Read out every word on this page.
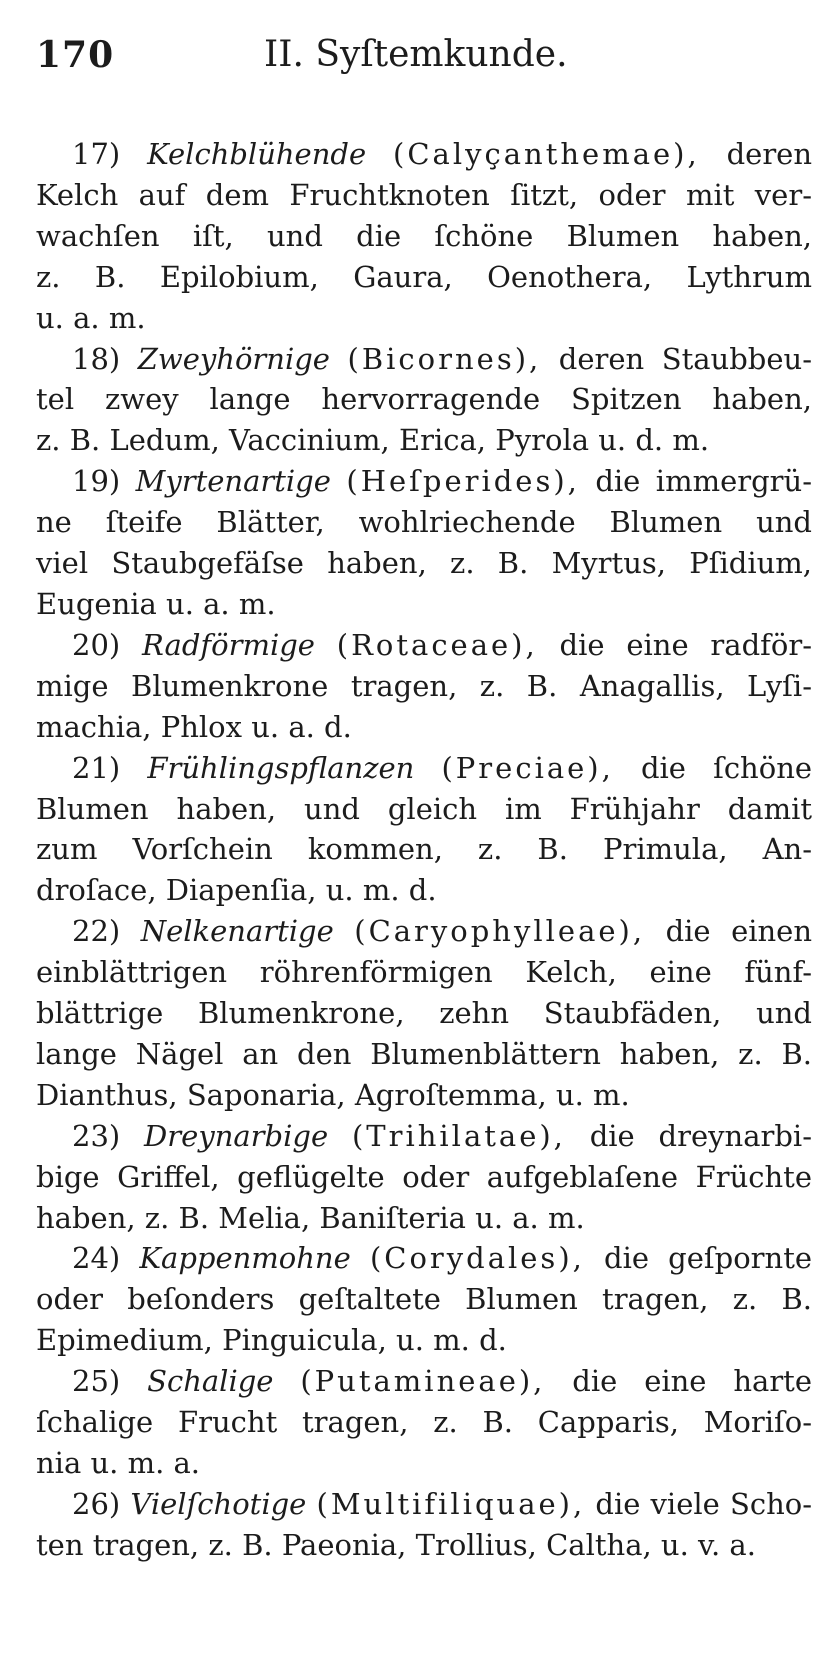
170	II. Syſtemkunde.
17) Kelchblühende (Calyçanthemae), deren
Kelch auf dem Fruchtknoten ſitzt, oder mit ver-
wachſen iſt, und die ſchöne Blumen haben,
z. B. Epilobium, Gaura, Oenothera, Lythrum
u. a. m.
18) Zweyhörnige (Bicornes), deren Staubbeu-
tel zwey lange hervorragende Spitzen haben,
z. B. Ledum, Vaccinium, Erica, Pyrola u. d. m.
19) Myrtenartige (Heſperides), die immergrü-
ne ſteife Blätter, wohlriechende Blumen und
viel Staubgefäſse haben, z. B. Myrtus, Pſidium,
Eugenia u. a. m.
20) Radförmige (Rotaceae), die eine radför-
mige Blumenkrone tragen, z. B. Anagallis, Lyſi-
machia, Phlox u. a. d.
21) Frühlingspflanzen (Preciae), die ſchöne
Blumen haben, und gleich im Frühjahr damit
zum Vorſchein kommen, z. B. Primula, An-
droſace, Diapenſia, u. m. d.
22) Nelkenartige (Caryophylleae), die einen
einblättrigen röhrenförmigen Kelch, eine fünf-
blättrige Blumenkrone, zehn Staubfäden, und
lange Nägel an den Blumenblättern haben, z. B.
Dianthus, Saponaria, Agroſtemma, u. m.
23) Dreynarbige (Trihilatae), die dreynarbi-
bige Griffel, geflügelte oder aufgeblaſene Früchte
haben, z. B. Melia, Baniſteria u. a. m.
24) Kappenmohne (Corydales), die geſpornte
oder beſonders geſtaltete Blumen tragen, z. B.
Epimedium, Pinguicula, u. m. d.
25) Schalige (Putamineae), die eine harte
ſchalige Frucht tragen, z. B. Capparis, Moriſo-
nia u. m. a.
26) Vielſchotige (Multifiliquae), die viele Scho-
ten tragen, z. B. Paeonia, Trollius, Caltha, u. v. a.
